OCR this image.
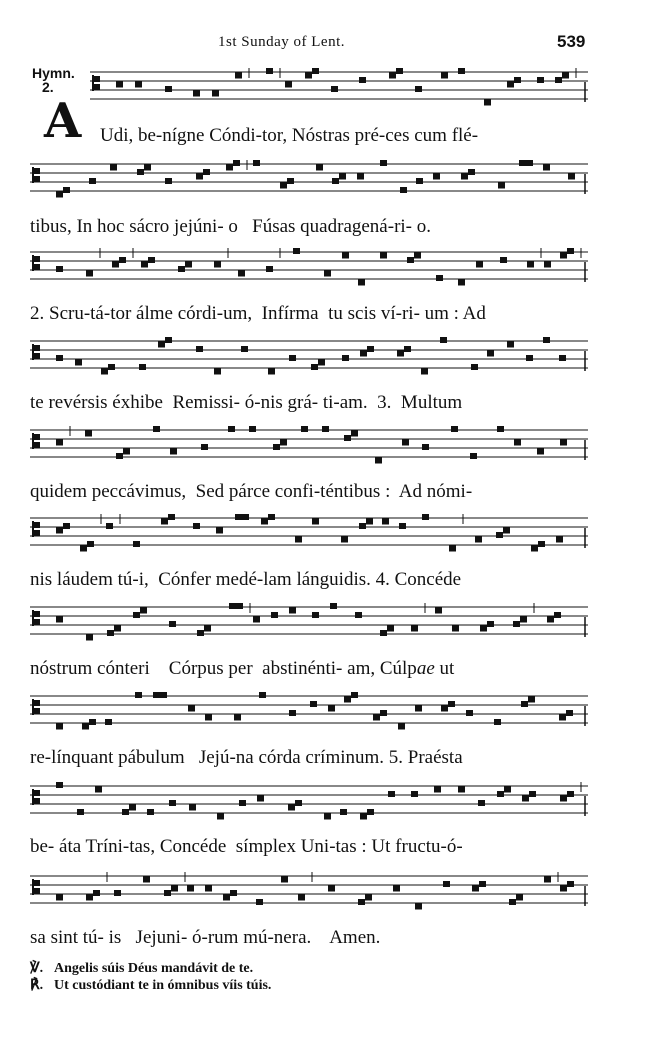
1st Sunday of Lent.	539
Hymn.
2.
A Udi, be-nígne Cóndi-tor, Nóstras pré-ces cum flé-
tibus, In hoc sácro jejúni- o   Fúsas quadragená-ri- o.
2. Scru-tá-tor álme córdi-um,  Infírma  tu scis ví-ri- um : Ad
te revérsis éxhibe  Remissi- ó-nis grá- ti-am.  3.  Multum
quidem peccávimus,  Sed párce confi-téntibus :  Ad nómi-
nis láudem tú-i,  Cónfer medé-lam lánguidis. 4. Concéde
nóstrum cónteri    Córpus per  abstinénti- am, Cúlpae ut
re-línquant pábulum   Jejú-na córda críminum. 5. Praésta
be- áta Tríni-tas, Concéde  símplex Uni-tas : Ut fructu-ó-
sa sint tú- is   Jejuni- ó-rum mú-nera.    Amen.
℣. Angelis súis Déus mandávit de te.
℟. Ut custódiant te in ómnibus víis túis.
